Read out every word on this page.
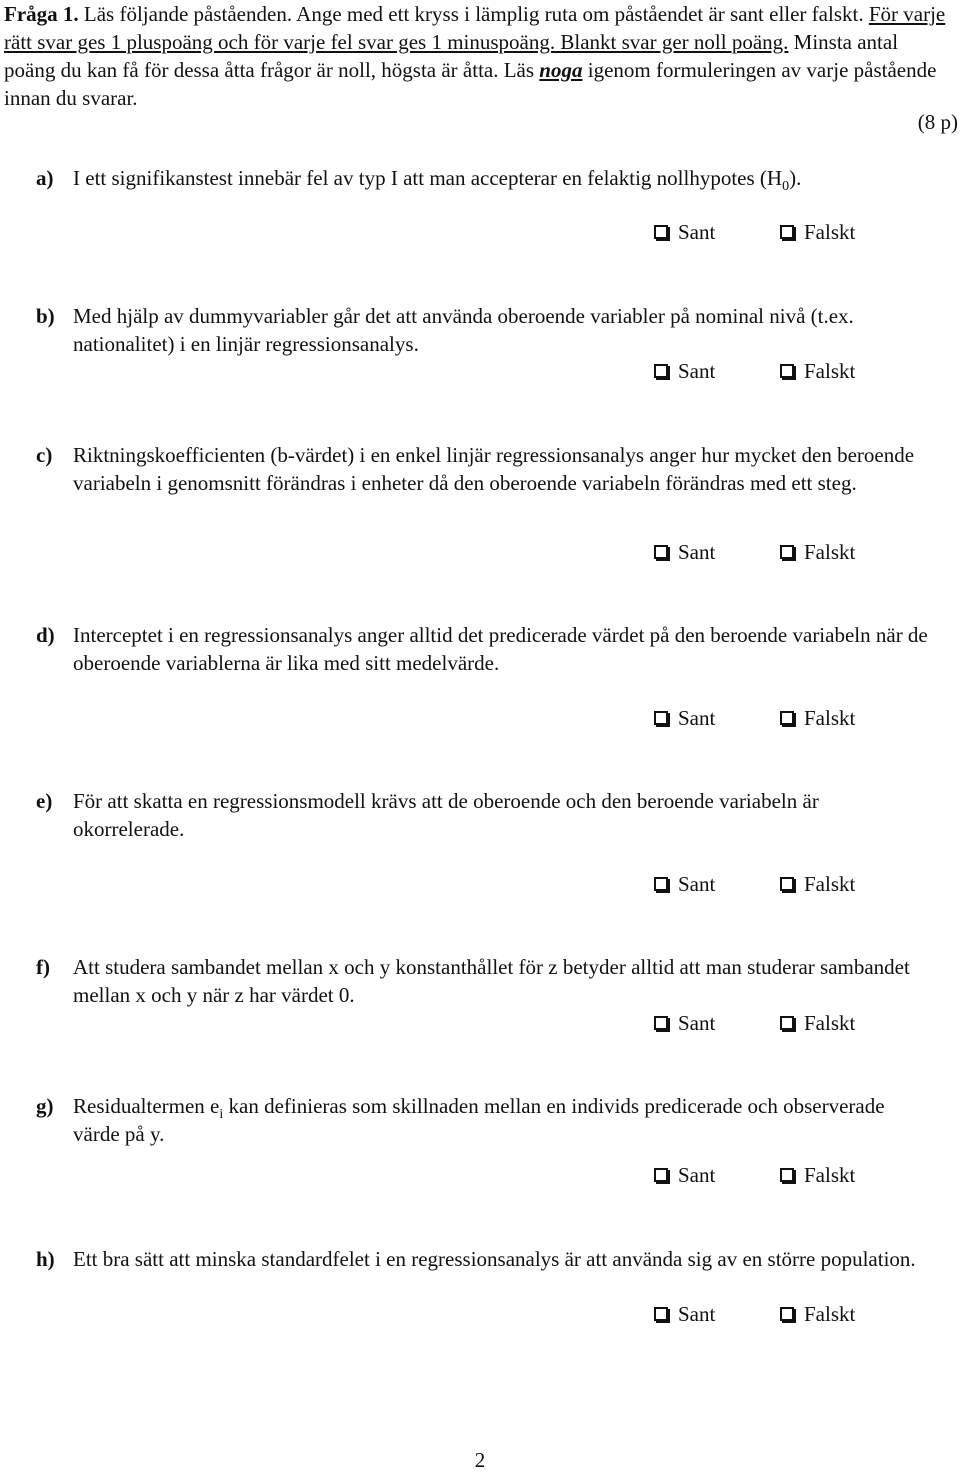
Fråga 1. Läs följande påståenden. Ange med ett kryss i lämplig ruta om påståendet är sant eller falskt. För varje rätt svar ges 1 pluspoäng och för varje fel svar ges 1 minuspoäng. Blankt svar ger noll poäng. Minsta antal poäng du kan få för dessa åtta frågor är noll, högsta är åtta. Läs noga igenom formuleringen av varje påstående innan du svarar.
(8 p)
a) I ett signifikanstest innebär fel av typ I att man accepterar en felaktig nollhypotes $(H_0)$.
Sant	Falskt
b) Med hjälp av dummyvariabler går det att använda oberoende variabler på nominal nivå (t.ex. nationalitet) i en linjär regressionsanalys.
Sant	Falskt
c) Riktningskoefficienten (b-värdet) i en enkel linjär regressionsanalys anger hur mycket den beroende variabeln i genomsnitt förändras i enheter då den oberoende variabeln förändras med ett steg.
Sant	Falskt
d) Interceptet i en regressionsanalys anger alltid det predicerade värdet på den beroende variabeln när de oberoende variablerna är lika med sitt medelvärde.
Sant	Falskt
e) För att skatta en regressionsmodell krävs att de oberoende och den beroende variabeln är okorrelerade.
Sant	Falskt
f) Att studera sambandet mellan x och y konstanthållet för z betyder alltid att man studerar sambandet mellan x och y när z har värdet 0.
Sant	Falskt
g) Residualtermen $e_i$ kan definieras som skillnaden mellan en individs predicerade och observerade värde på y.
Sant	Falskt
h) Ett bra sätt att minska standardfelet i en regressionsanalys är att använda sig av en större population.
Sant	Falskt
2
